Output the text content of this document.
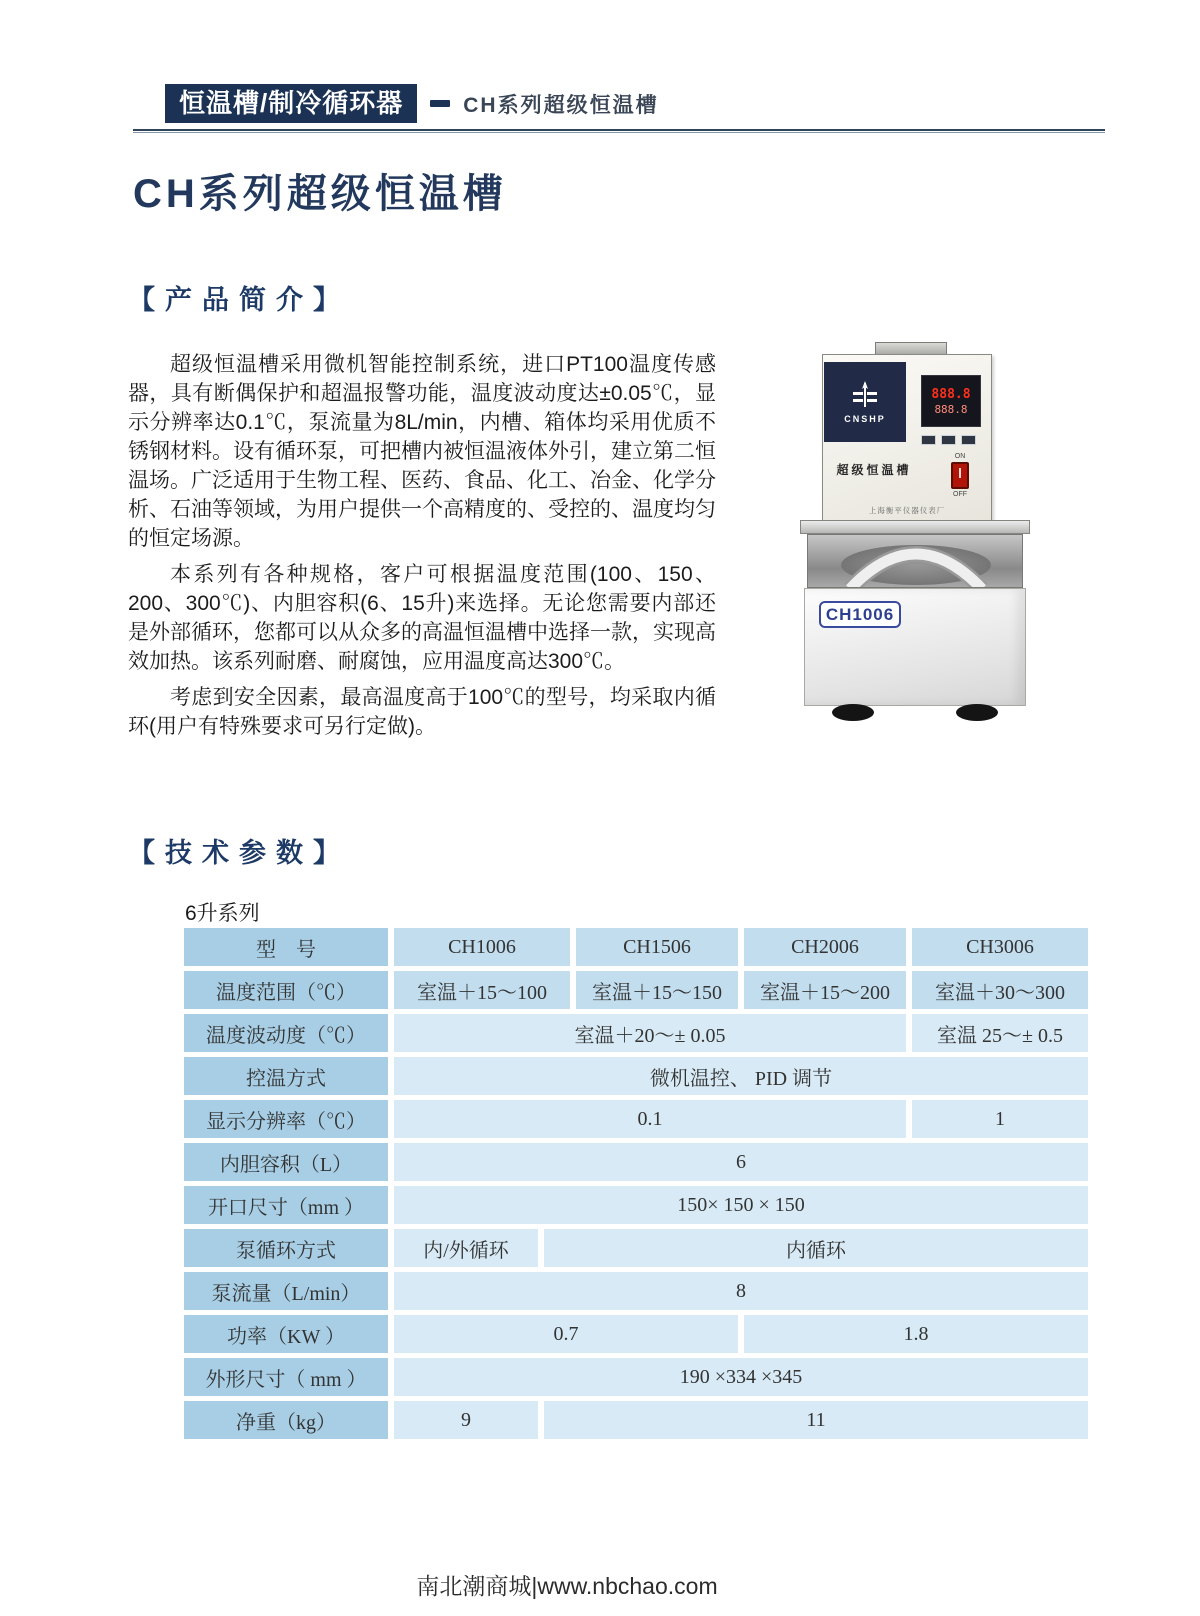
恒温槽/制冷循环器	CH系列超级恒温槽
CH系列超级恒温槽
【产品简介】

超级恒温槽采用微机智能控制系统，进口PT100温度传感器，具有断偶保护和超温报警功能，温度波动度达±0.05℃，显示分辨率达0.1℃，泵流量为8L/min，内槽、箱体均采用优质不锈钢材料。设有循环泵，可把槽内被恒温液体外引，建立第二恒温场。广泛适用于生物工程、医药、食品、化工、冶金、化学分析、石油等领域，为用户提供一个高精度的、受控的、温度均匀的恒定场源。

本系列有各种规格，客户可根据温度范围(100、150、200、300℃)、内胆容积(6、15升)来选择。无论您需要内部还是外部循环，您都可以从众多的高温恒温槽中选择一款，实现高效加热。该系列耐磨、耐腐蚀，应用温度高达300℃。

考虑到安全因素，最高温度高于100℃的型号，均采取内循环(用户有特殊要求可另行定做)。

CNSHP
888.8
888.8
超级恒温槽
ON
OFF
上海衡平仪器仪表厂
CH1006
【技术参数】
6升系列
型　号	CH1006	CH1506	CH2006	CH3006
温度范围（℃）	室温＋15～100	室温＋15～150	室温＋15～200	室温＋30～300
温度波动度（℃）	室温＋20～± 0.05	室温 25～± 0.5
控温方式	微机温控、 PID 调节
显示分辨率（℃）	0.1	1
内胆容积（L）	6
开口尺寸（mm ）	150× 150 × 150
泵循环方式	内/外循环	内循环
泵流量（L/min）	8
功率（KW ）	0.7	1.8
外形尺寸（ mm ）	190 ×334 ×345
净重（kg）	9	11
南北潮商城|www.nbchao.com
